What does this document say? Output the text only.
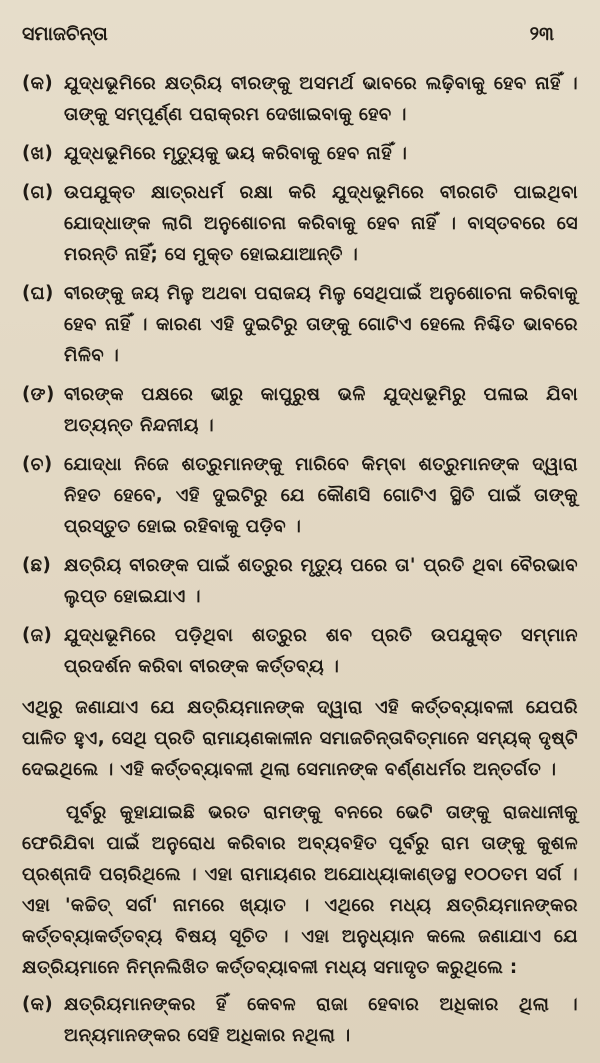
ସମାଜଚିନ୍ତା	୨୩
(କ) ଯୁଦ୍ଧଭୂମିରେ କ୍ଷତ୍ରିୟ ବୀରଙ୍କୁ ଅସମର୍ଥ ଭାବରେ ଲଢ଼ିବାକୁ ହେବ ନାହିଁ । ତାଙ୍କୁ ସମ୍ପୂର୍ଣ୍ଣ ପରାକ୍ରମ ଦେଖାଇବାକୁ ହେବ ।
(ଖ) ଯୁଦ୍ଧଭୂମିରେ ମୃତ୍ୟୁକୁ ଭୟ କରିବାକୁ ହେବ ନାହିଁ ।
(ଗ) ଉପଯୁକ୍ତ କ୍ଷାତ୍ରଧର୍ମ ରକ୍ଷା କରି ଯୁଦ୍ଧଭୂମିରେ ବୀରଗତି ପାଇଥିବା ଯୋଦ୍ଧାଙ୍କ ଲାଗି ଅନୁଶୋଚନା କରିବାକୁ ହେବ ନାହିଁ । ବାସ୍ତବରେ ସେ ମରନ୍ତି ନାହିଁ; ସେ ମୁକ୍ତ ହୋଇଯାଆନ୍ତି ।
(ଘ) ବୀରଙ୍କୁ ଜୟ ମିଳୁ ଅଥବା ପରାଜୟ ମିଳୁ ସେଥିପାଇଁ ଅନୁଶୋଚନା କରିବାକୁ ହେବ ନାହିଁ । କାରଣ ଏହି ଦୁଇଟିରୁ ତାଙ୍କୁ ଗୋଟିଏ ହେଲେ ନିଶ୍ଚିତ ଭାବରେ ମିଳିବ ।
(ଙ) ବୀରଙ୍କ ପକ୍ଷରେ ଭୀରୁ କାପୁରୁଷ ଭଳି ଯୁଦ୍ଧଭୂମିରୁ ପଳାଇ ଯିବା ଅତ୍ୟନ୍ତ ନିନ୍ଦନୀୟ ।
(ଚ) ଯୋଦ୍ଧା ନିଜେ ଶତ୍ରୁମାନଙ୍କୁ ମାରିବେ କିମ୍ବା ଶତ୍ରୁମାନଙ୍କ ଦ୍ୱାରା ନିହତ ହେବେ, ଏହି ଦୁଇଟିରୁ ଯେ କୌଣସି ଗୋଟିଏ ସ୍ଥିତି ପାଇଁ ତାଙ୍କୁ ପ୍ରସ୍ତୁତ ହୋଇ ରହିବାକୁ ପଡ଼ିବ ।
(ଛ) କ୍ଷତ୍ରିୟ ବୀରଙ୍କ ପାଇଁ ଶତ୍ରୁର ମୃତ୍ୟୁ ପରେ ତା' ପ୍ରତି ଥିବା ବୈରଭାବ ଲୁପ୍ତ ହୋଇଯାଏ ।
(ଜ) ଯୁଦ୍ଧଭୂମିରେ ପଡ଼ିଥିବା ଶତ୍ରୁର ଶବ ପ୍ରତି ଉପଯୁକ୍ତ ସମ୍ମାନ ପ୍ରଦର୍ଶନ କରିବା ବୀରଙ୍କ କର୍ତ୍ତବ୍ୟ ।

ଏଥିରୁ ଜଣାଯାଏ ଯେ କ୍ଷତ୍ରିୟମାନଙ୍କ ଦ୍ୱାରା ଏହି କର୍ତ୍ତବ୍ୟାବଳୀ ଯେପରି ପାଳିତ ହୁଏ, ସେଥି ପ୍ରତି ରାମାୟଣକାଳୀନ ସମାଜଚିନ୍ତାବିତ୍‌ମାନେ ସମ୍ୟକ୍ ଦୃଷ୍ଟି ଦେଇଥିଲେ । ଏହି କର୍ତ୍ତବ୍ୟାବଳୀ ଥିଲା ସେମାନଙ୍କ ବର୍ଣ୍ଣଧର୍ମର ଅନ୍ତର୍ଗତ ।

ପୂର୍ବରୁ କୁହାଯାଇଛି ଭରତ ରାମଙ୍କୁ ବନରେ ଭେଟି ତାଙ୍କୁ ରାଜଧାନୀକୁ ଫେରିଯିବା ପାଇଁ ଅନୁରୋଧ କରିବାର ଅବ୍ୟବହିତ ପୂର୍ବରୁ ରାମ ତାଙ୍କୁ କୁଶଳ ପ୍ରଶ୍ନାଦି ପଚାରିଥିଲେ । ଏହା ରାମାୟଣର ଅଯୋଧ୍ୟାକାଣ୍ଡସ୍ଥ ୧୦୦ତମ ସର୍ଗ । ଏହା 'କଚ୍ଚିତ୍ ସର୍ଗ' ନାମରେ ଖ୍ୟାତ । ଏଥିରେ ମଧ୍ୟ କ୍ଷତ୍ରିୟମାନଙ୍କର କର୍ତ୍ତବ୍ୟାକର୍ତ୍ତବ୍ୟ ବିଷୟ ସୂଚିତ । ଏହା ଅନୁଧ୍ୟାନ କଲେ ଜଣାଯାଏ ଯେ କ୍ଷତ୍ରିୟମାନେ ନିମ୍ନଲିଖିତ କର୍ତ୍ତବ୍ୟାବଳୀ ମଧ୍ୟ ସମାଦୃତ କରୁଥିଲେ :

(କ) କ୍ଷତ୍ରିୟମାନଙ୍କର ହିଁ କେବଳ ରାଜା ହେବାର ଅଧିକାର ଥିଲା । ଅନ୍ୟମାନଙ୍କର ସେହି ଅଧିକାର ନଥିଲା ।
